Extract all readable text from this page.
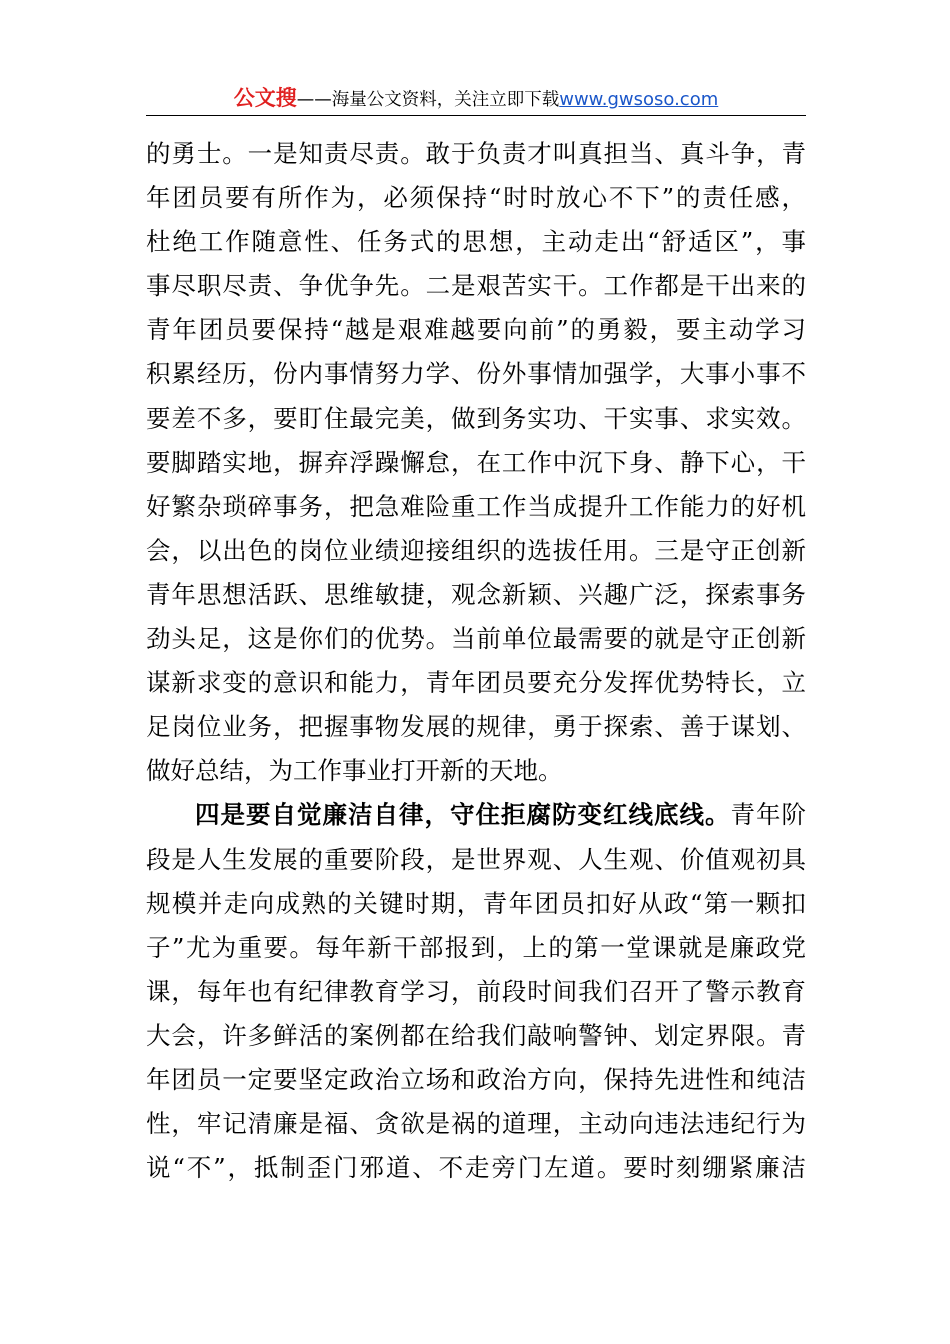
公文搜——海量公文资料，关注立即下载www.gwsoso.com
的勇士。一是知责尽责。敢于负责才叫真担当、真斗争，青
年团员要有所作为，必须保持“时时放心不下”的责任感，
杜绝工作随意性、任务式的思想，主动走出“舒适区”，事
事尽职尽责、争优争先。二是艰苦实干。工作都是干出来的
青年团员要保持“越是艰难越要向前”的勇毅，要主动学习
积累经历，份内事情努力学、份外事情加强学，大事小事不
要差不多，要盯住最完美，做到务实功、干实事、求实效。
要脚踏实地，摒弃浮躁懈怠，在工作中沉下身、静下心，干
好繁杂琐碎事务，把急难险重工作当成提升工作能力的好机
会，以出色的岗位业绩迎接组织的选拔任用。三是守正创新
青年思想活跃、思维敏捷，观念新颖、兴趣广泛，探索事务
劲头足，这是你们的优势。当前单位最需要的就是守正创新
谋新求变的意识和能力，青年团员要充分发挥优势特长，立
足岗位业务，把握事物发展的规律，勇于探索、善于谋划、
做好总结，为工作事业打开新的天地。
四是要自觉廉洁自律，守住拒腐防变红线底线。青年阶
段是人生发展的重要阶段，是世界观、人生观、价值观初具
规模并走向成熟的关键时期，青年团员扣好从政“第一颗扣
子”尤为重要。每年新干部报到，上的第一堂课就是廉政党
课，每年也有纪律教育学习，前段时间我们召开了警示教育
大会，许多鲜活的案例都在给我们敲响警钟、划定界限。青
年团员一定要坚定政治立场和政治方向，保持先进性和纯洁
性，牢记清廉是福、贪欲是祸的道理，主动向违法违纪行为
说“不”，抵制歪门邪道、不走旁门左道。要时刻绷紧廉洁
